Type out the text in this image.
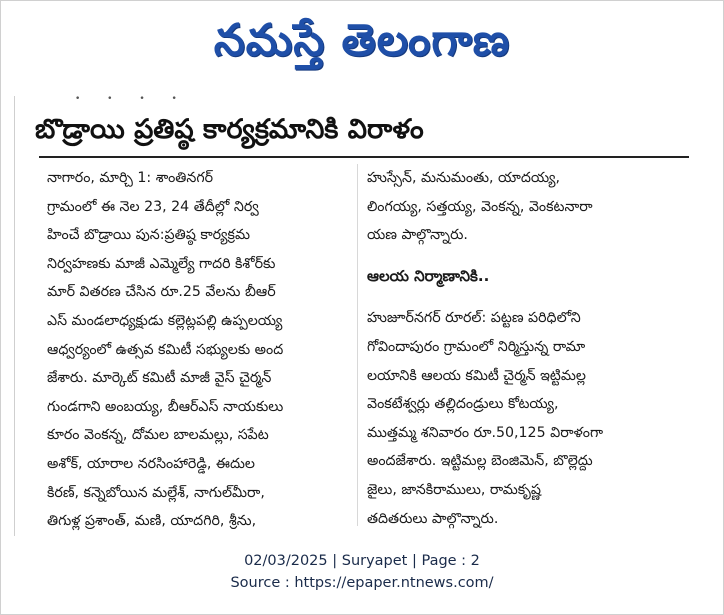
నమస్తే తెలంగాణ
• • • •
బొడ్రాయి ప్రతిష్ఠ కార్యక్రమానికి విరాళం
నాగారం, మార్చి 1: శాంతినగర్
గ్రామంలో ఈ నెల 23, 24 తేదీల్లో నిర్వ
హించే బొడ్రాయి పున:ప్రతిష్ఠ కార్యక్రమ
నిర్వహణకు మాజీ ఎమ్మెల్యే గాదరి కిశోర్‌కు
మార్ వితరణ చేసిన రూ.25 వేలను బీఆర్
ఎస్ మండలాధ్యక్షుడు కల్లెట్లపల్లి ఉప్పలయ్య
ఆధ్వర్యంలో ఉత్సవ కమిటీ సభ్యులకు అంద
జేశారు. మార్కెట్ కమిటీ మాజీ వైస్ చైర్మన్
గుండగాని అంబయ్య, బీఆర్ఎస్ నాయకులు
కూరం వెంకన్న, దోమల బాలమల్లు, సపేట
అశోక్, యారాల నరసింహారెడ్డి, ఈదుల
కిరణ్, కన్నెబోయిన మల్లేశ్, నాగుల్‌మీరా,
తిగుళ్ల ప్రశాంత్, మణి, యాదగిరి, శ్రీను,
హుస్సేన్, మనుమంతు, యాదయ్య,
లింగయ్య, సత్తయ్య, వెంకన్న, వెంకటనారా
యణ పాల్గొన్నారు.
ఆలయ నిర్మాణానికి..
హుజూర్‌నగర్ రూరల్: పట్టణ పరిధిలోని
గోవిందాపురం గ్రామంలో నిర్మిస్తున్న రామా
లయానికి ఆలయ కమిటీ చైర్మన్ ఇట్టిమల్ల
వెంకటేశ్వర్లు తల్లిదండ్రులు కోటయ్య,
ముత్తమ్మ శనివారం రూ.50,125 విరాళంగా
అందజేశారు. ఇట్టిమల్ల బెంజిమెన్, బొల్లెద్దు
జైలు, జానకిరాములు, రామకృష్ణ
తదితరులు పాల్గొన్నారు.
02/03/2025 | Suryapet | Page : 2
Source : https://epaper.ntnews.com/
